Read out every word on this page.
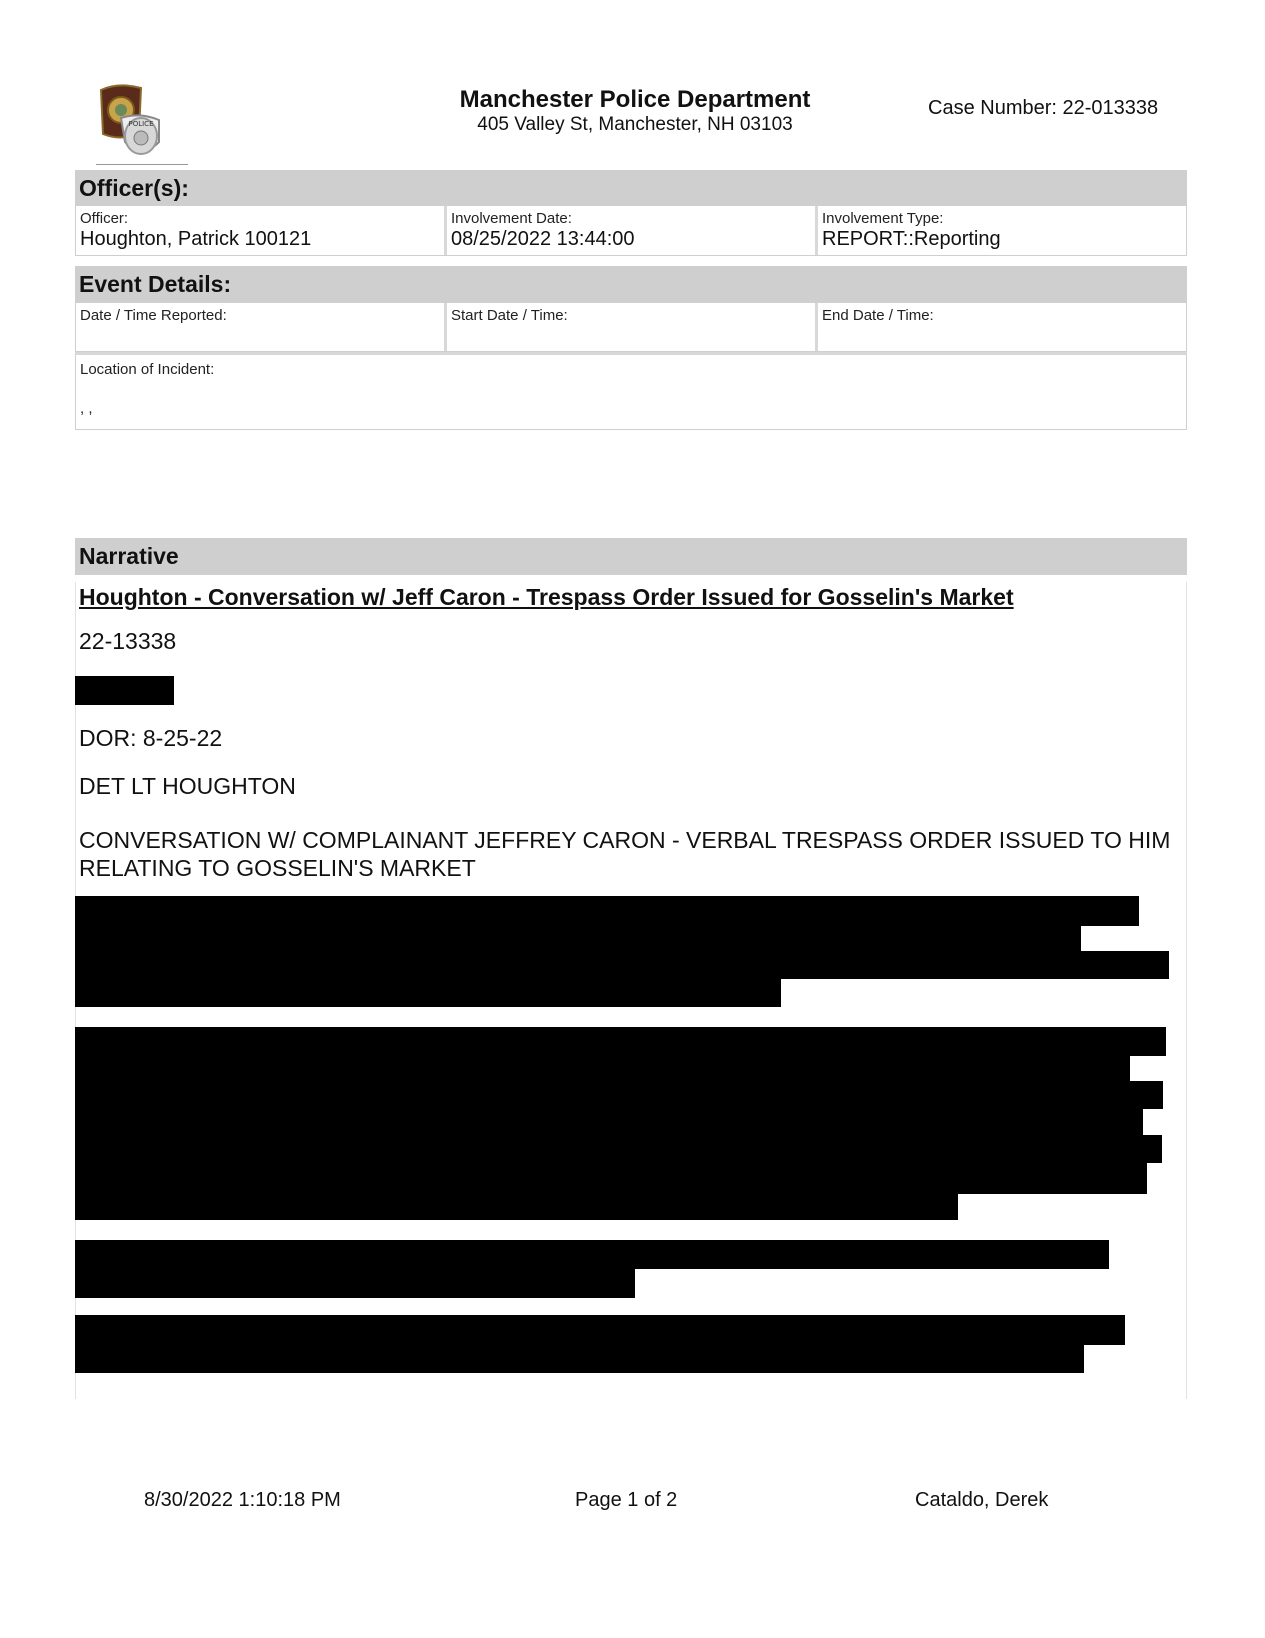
POLICE
Manchester Police Department
405 Valley St, Manchester, NH 03103
Case Number: 22-013338
Officer(s):
Officer:
Houghton, Patrick 100121
Involvement Date:
08/25/2022 13:44:00
Involvement Type:
REPORT::Reporting
Event Details:
Date / Time Reported:	Start Date / Time:	End Date / Time:
Location of Incident:
, ,
Narrative
Houghton - Conversation w/ Jeff Caron - Trespass Order Issued for Gosselin's Market
22-13338
DOR: 8-25-22
DET LT HOUGHTON
CONVERSATION W/ COMPLAINANT JEFFREY CARON - VERBAL TRESPASS ORDER ISSUED TO HIM RELATING TO GOSSELIN'S MARKET
8/30/2022 1:10:18 PM	Page 1 of 2	Cataldo, Derek
